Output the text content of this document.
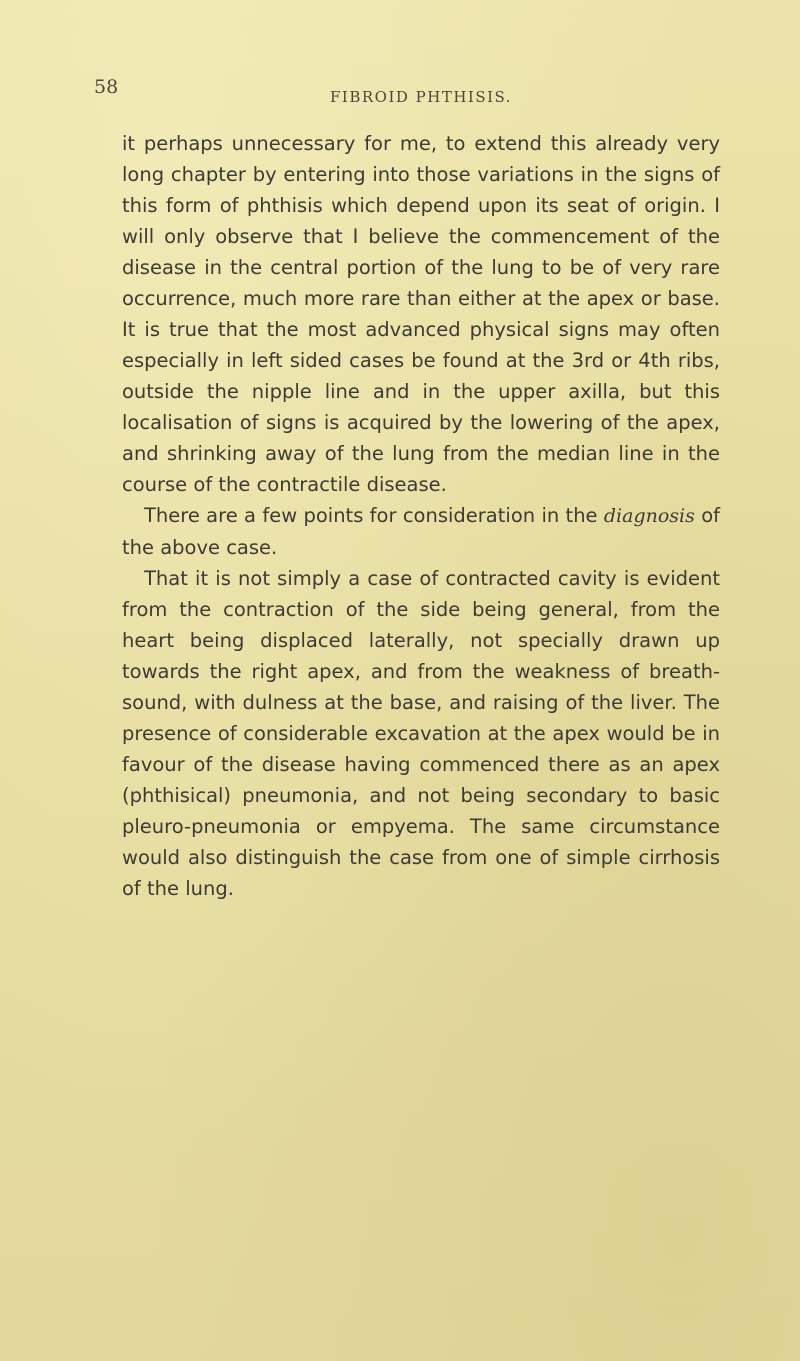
58	FIBROID PHTHISIS.

it perhaps unnecessary for me, to extend this already very long chapter by entering into those variations in the signs of this form of phthisis which depend upon its seat of origin. I will only observe that I believe the commencement of the disease in the central portion of the lung to be of very rare occurrence, much more rare than either at the apex or base. It is true that the most advanced physical signs may often especially in left sided cases be found at the 3rd or 4th ribs, outside the nipple line and in the upper axilla, but this localisation of signs is acquired by the lowering of the apex, and shrinking away of the lung from the median line in the course of the contractile disease.

There are a few points for consideration in the diagnosis of the above case.

That it is not simply a case of contracted cavity is evident from the contraction of the side being general, from the heart being displaced laterally, not specially drawn up towards the right apex, and from the weakness of breath-sound, with dulness at the base, and raising of the liver. The presence of considerable excavation at the apex would be in favour of the disease having commenced there as an apex (phthisical) pneumonia, and not being secondary to basic pleuro-pneumonia or empyema. The same circumstance would also distinguish the case from one of simple cirrhosis of the lung.
